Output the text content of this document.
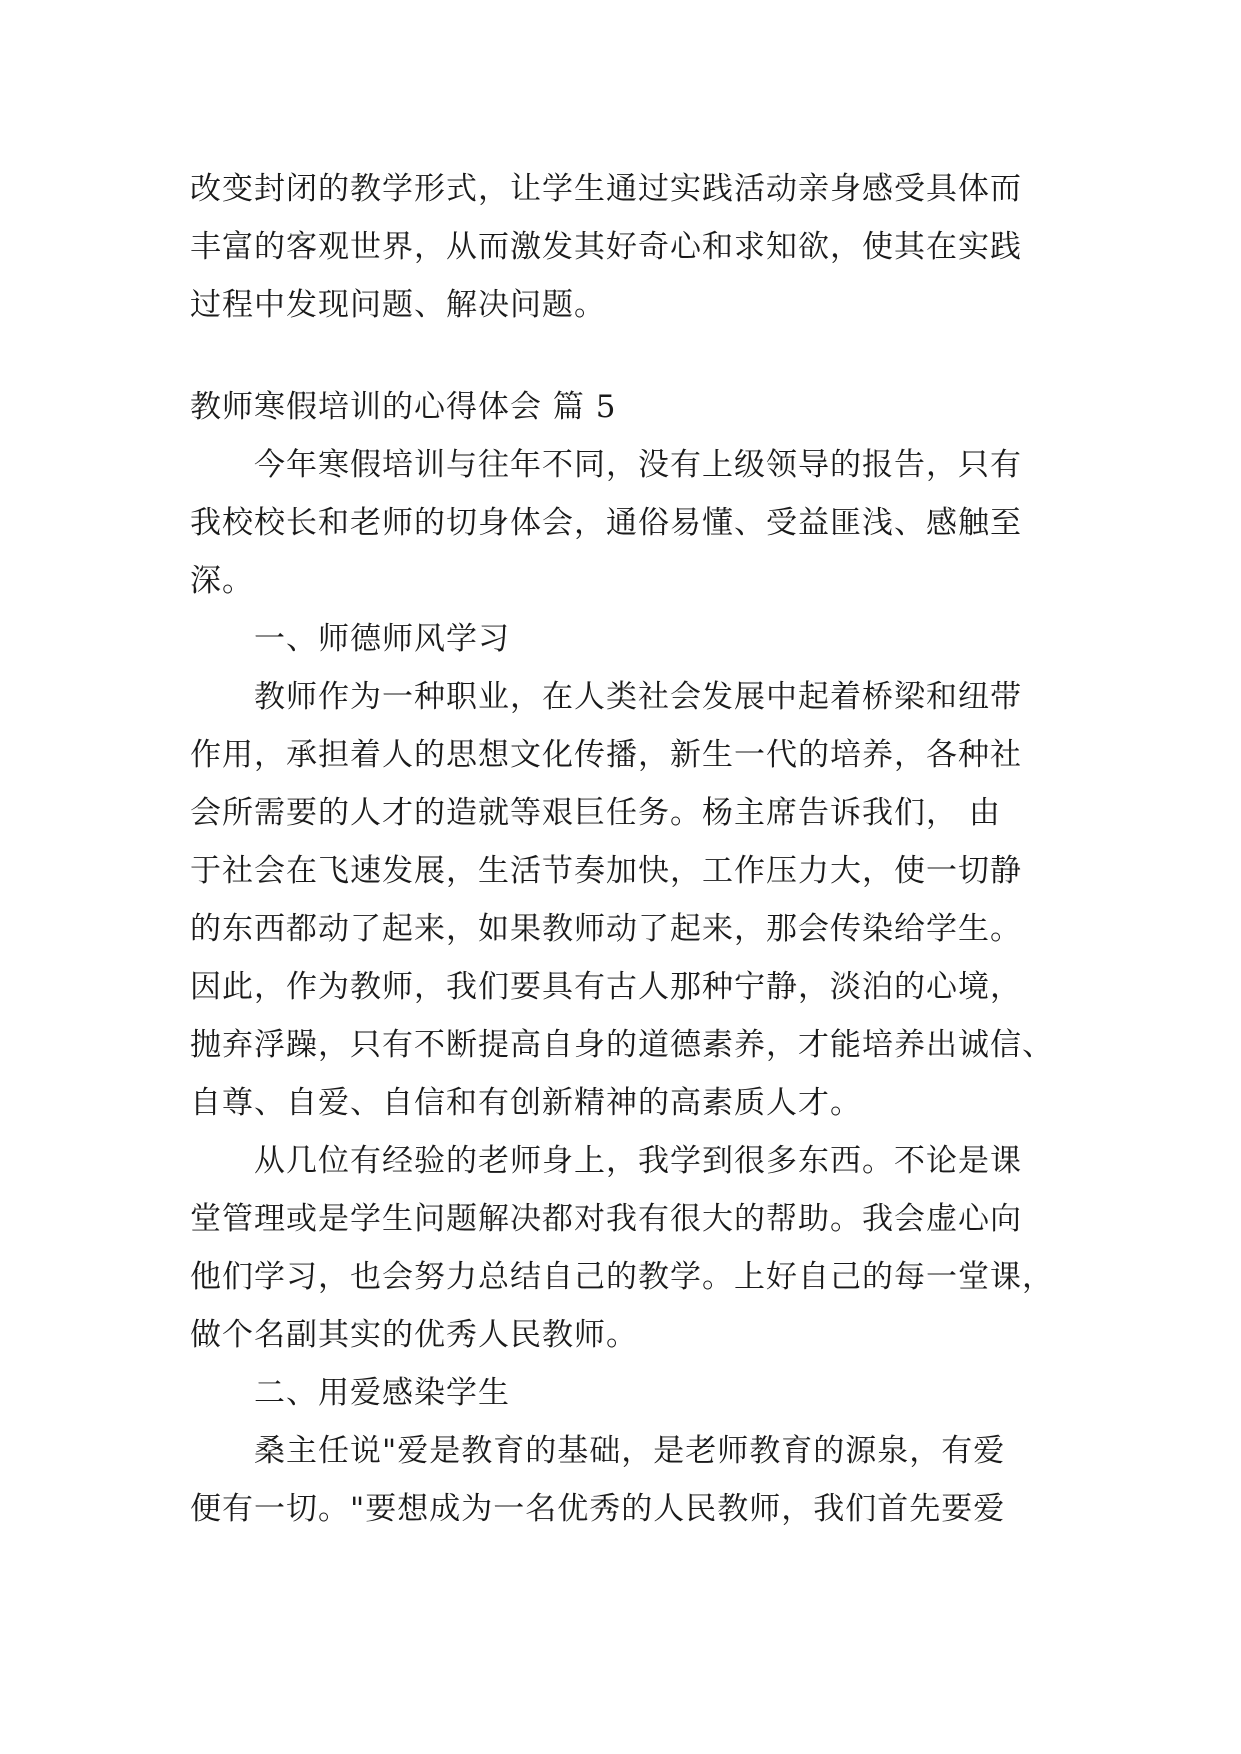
改变封闭的教学形式，让学生通过实践活动亲身感受具体而
丰富的客观世界，从而激发其好奇心和求知欲，使其在实践
过程中发现问题、解决问题。
教师寒假培训的心得体会 篇 5
今年寒假培训与往年不同，没有上级领导的报告，只有
我校校长和老师的切身体会，通俗易懂、受益匪浅、感触至
深。
一、师德师风学习
教师作为一种职业，在人类社会发展中起着桥梁和纽带
作用，承担着人的思想文化传播，新生一代的培养，各种社
会所需要的人才的造就等艰巨任务。杨主席告诉我们， 由
于社会在飞速发展，生活节奏加快，工作压力大，使一切静
的东西都动了起来，如果教师动了起来，那会传染给学生。
因此，作为教师，我们要具有古人那种宁静，淡泊的心境，
抛弃浮躁，只有不断提高自身的道德素养，才能培养出诚信、
自尊、自爱、自信和有创新精神的高素质人才。
从几位有经验的老师身上，我学到很多东西。不论是课
堂管理或是学生问题解决都对我有很大的帮助。我会虚心向
他们学习，也会努力总结自己的教学。上好自己的每一堂课，
做个名副其实的优秀人民教师。
二、用爱感染学生
桑主任说"爱是教育的基础，是老师教育的源泉，有爱
便有一切。"要想成为一名优秀的人民教师，我们首先要爱
